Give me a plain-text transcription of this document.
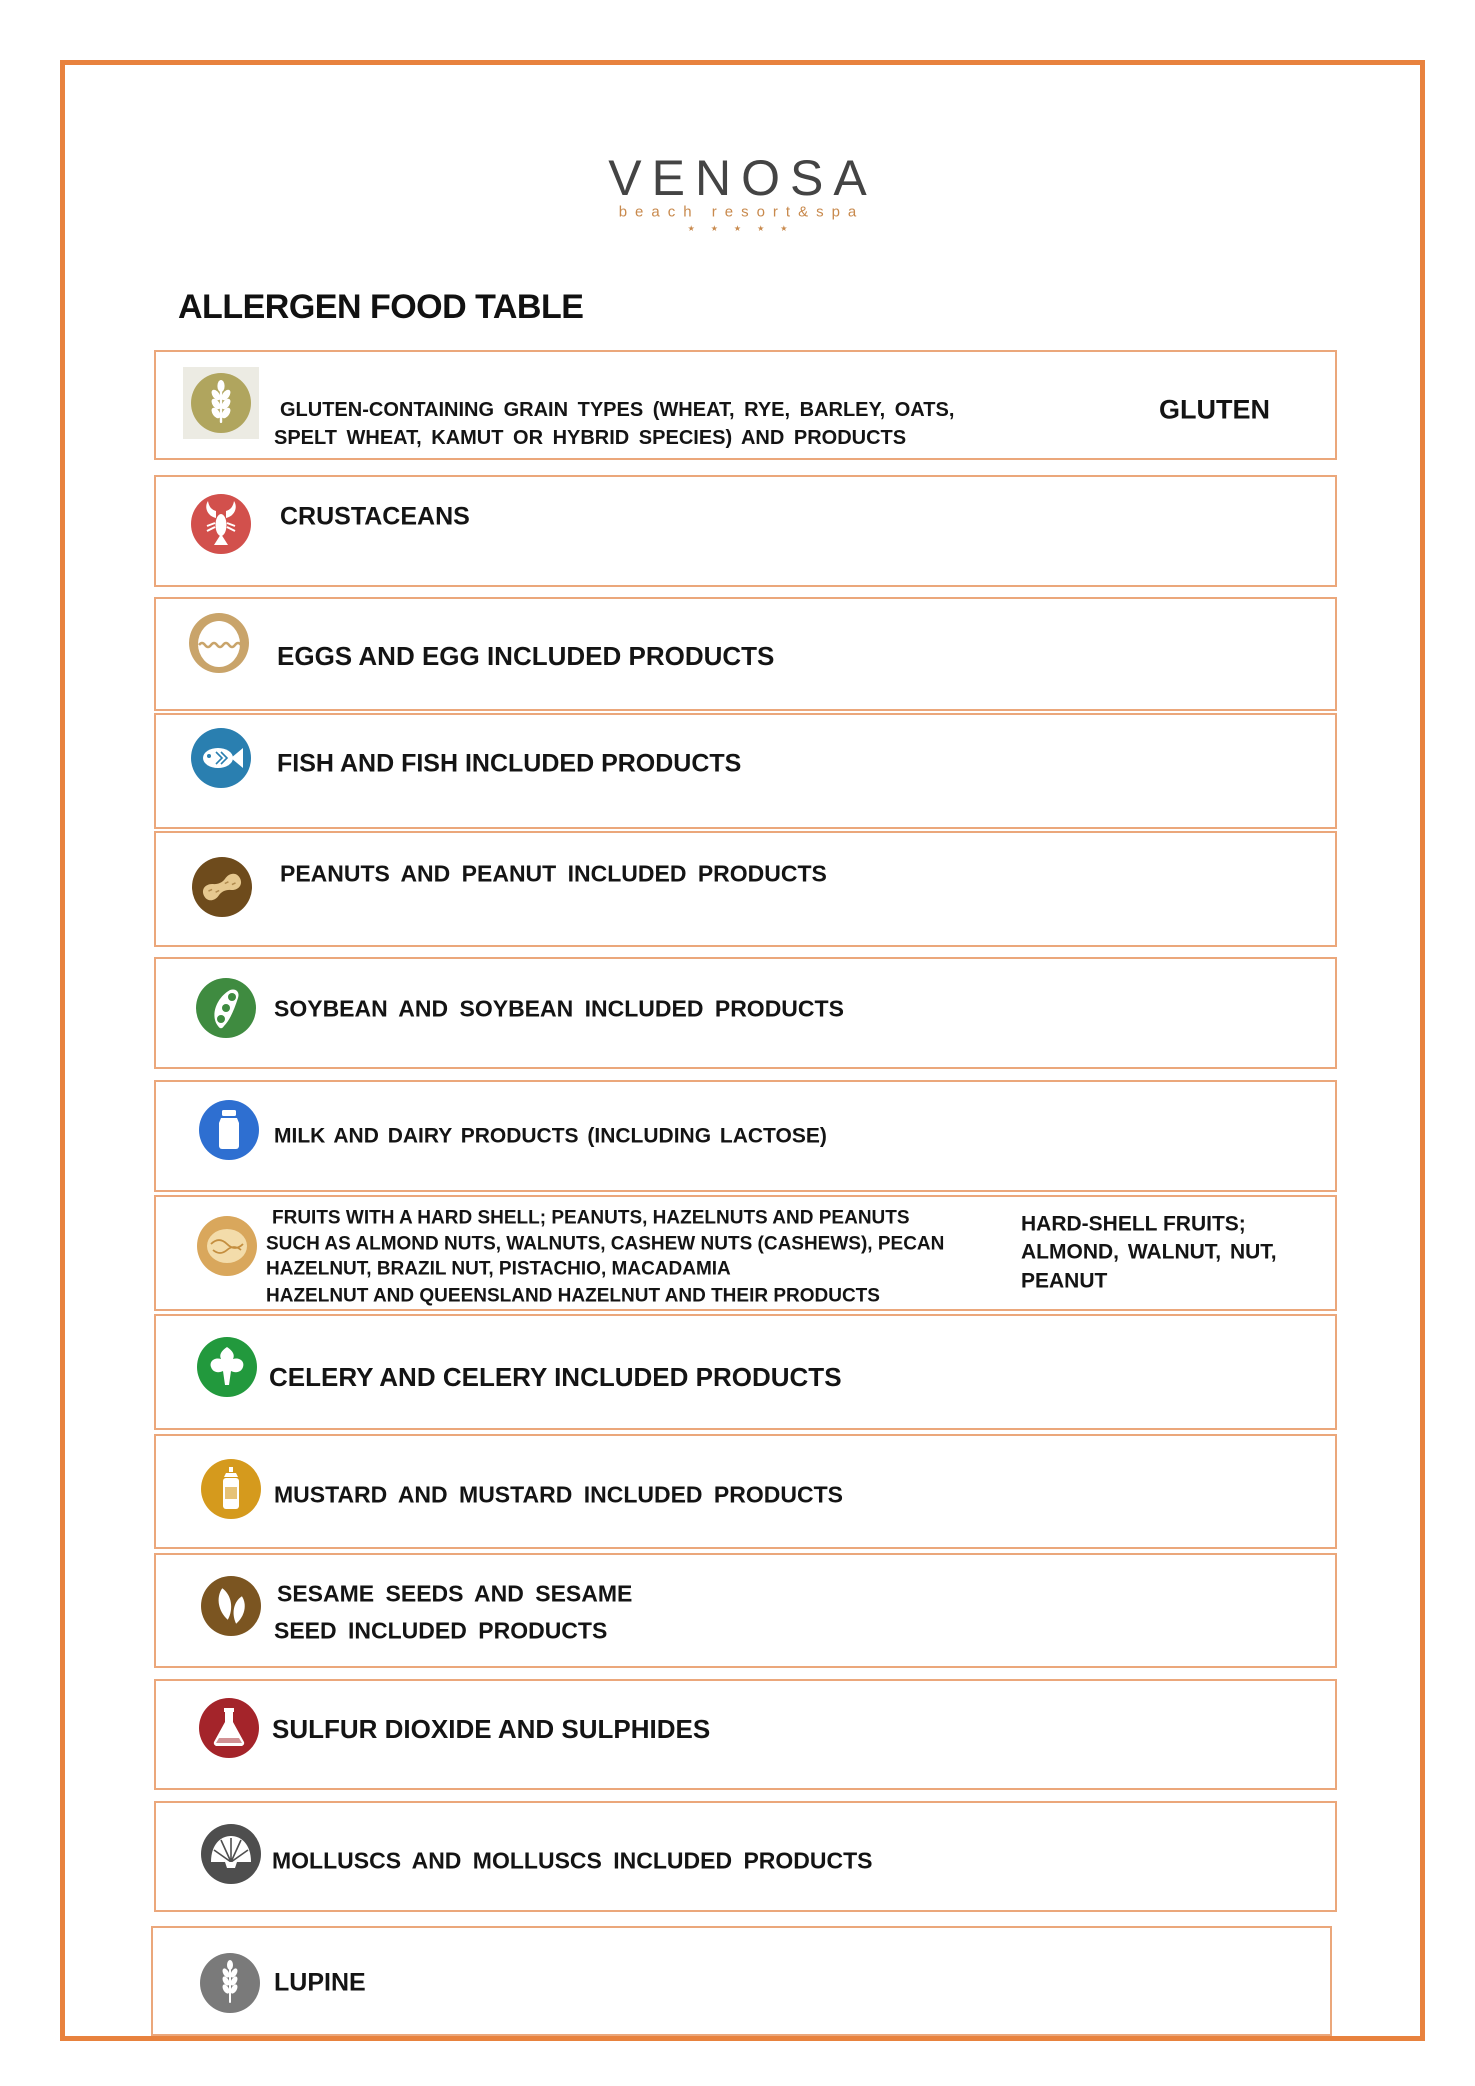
VENOSA
beach resort&spa
★★★★★
ALLERGEN FOOD TABLE
GLUTEN-CONTAINING GRAIN TYPES (WHEAT, RYE, BARLEY, OATS,
SPELT WHEAT, KAMUT OR HYBRID SPECIES) AND PRODUCTS
GLUTEN
CRUSTACEANS
EGGS AND EGG INCLUDED PRODUCTS
FISH AND FISH INCLUDED PRODUCTS
PEANUTS AND PEANUT INCLUDED PRODUCTS
SOYBEAN AND SOYBEAN INCLUDED PRODUCTS
MILK AND DAIRY PRODUCTS (INCLUDING LACTOSE)
FRUITS WITH A HARD SHELL; PEANUTS, HAZELNUTS AND PEANUTS
SUCH AS ALMOND NUTS, WALNUTS, CASHEW NUTS (CASHEWS), PECAN
HAZELNUT, BRAZIL NUT, PISTACHIO, MACADAMIA
HAZELNUT AND QUEENSLAND HAZELNUT AND THEIR PRODUCTS
HARD-SHELL FRUITS;
ALMOND, WALNUT, NUT,
PEANUT
CELERY AND CELERY INCLUDED PRODUCTS
MUSTARD AND MUSTARD INCLUDED PRODUCTS
SESAME SEEDS AND SESAME
SEED INCLUDED PRODUCTS
SULFUR DIOXIDE AND SULPHIDES
MOLLUSCS AND MOLLUSCS INCLUDED PRODUCTS
LUPINE
